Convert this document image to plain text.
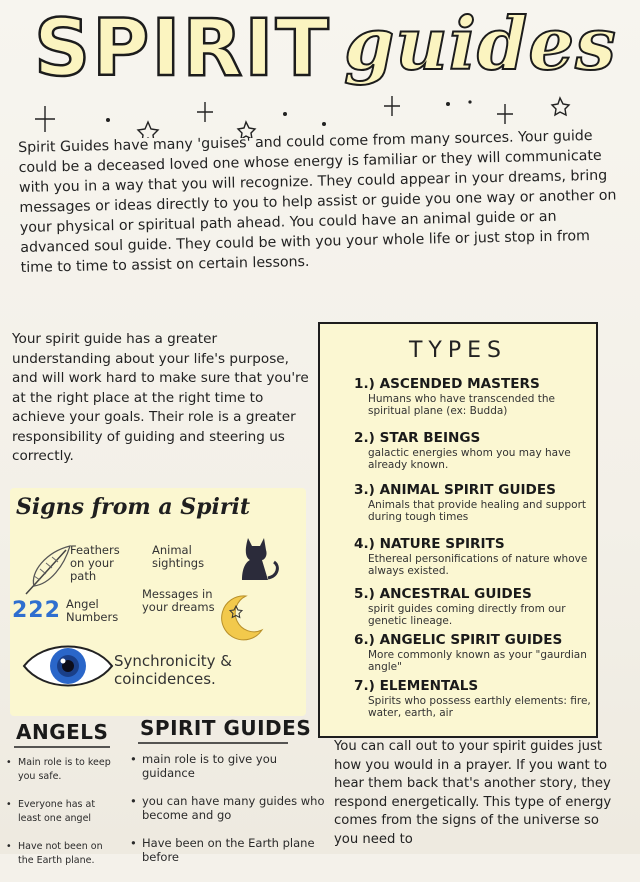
SPIRIT guides
Spirit Guides have many 'guises' and could come from many sources. Your guide could be a deceased loved one whose energy is familiar or they will communicate with you in a way that you will recognize. They could appear in your dreams, bring messages or ideas directly to you to help assist or guide you one way or another on your physical or spiritual path ahead. You could have an animal guide or an advanced soul guide. They could be with you your whole life or just stop in from time to time to assist on certain lessons.
Your spirit guide has a greater understanding about your life's purpose, and will work hard to make sure that you're at the right place at the right time to achieve your goals. Their role is a greater responsibility of guiding and steering us correctly.
TYPES
1.) ASCENDED MASTERS
Humans who have transcended the spiritual plane (ex: Budda)
2.) STAR BEINGS
galactic energies whom you may have already known.
3.) ANIMAL SPIRIT GUIDES
Animals that provide healing and support during tough times
4.) NATURE SPIRITS
Ethereal personifications of nature whove always existed.
5.) ANCESTRAL GUIDES
spirit guides coming directly from our genetic lineage.
6.) ANGELIC SPIRIT GUIDES
More commonly known as your "gaurdian angle"
7.) ELEMENTALS
Spirits who possess earthly elements: fire, water, earth, air
Signs from a Spirit
Feathers on your path
Animal sightings
222 Angel Numbers
Messages in your dreams
Synchronicity & coincidences.
ANGELS
• Main role is to keep you safe.
• Everyone has at least one angel
• Have not been on the Earth plane.
SPIRIT GUIDES
• main role is to give you guidance
• you can have many guides who become and go
• Have been on the Earth plane before
You can call out to your spirit guides just how you would in a prayer. If you want to hear them back that's another story, they respond energetically. This type of energy comes from the signs of the universe so you need to
